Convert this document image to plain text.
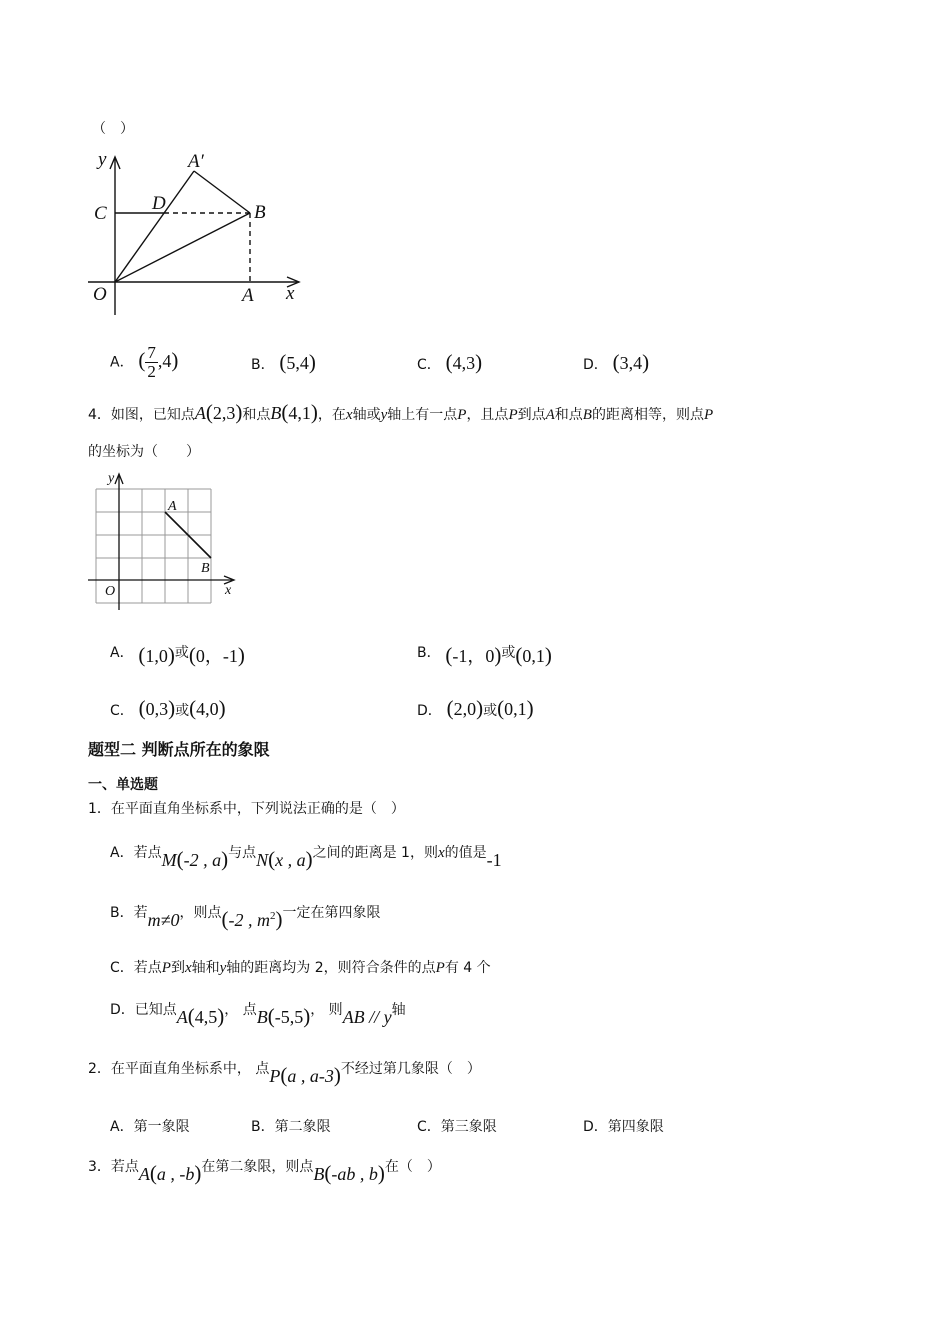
（　）
y
x
O	A
A′
B
C D
A． ( $\frac{7}{2} ,4$)	B． (5,4)	C． (4,3)	D． (3,4)
4．如图，已知点A(2,3)和点B(4,1)，在x轴或y轴上有一点P，且点P到点A和点B的距离相等，则点P
的坐标为（　　）
y
x
O
A
B
A． (1,0)或(0，-1)	B． (-1，0)或(0,1)
C． (0,3)或(4,0)	D． (2,0)或(0,1)
题型二 判断点所在的象限
一、单选题
1．在平面直角坐标系中，下列说法正确的是（　）
A．若点M(-2 , a)与点N(x , a)之间的距离是 1，则x的值是-1
B．若m≠0，则点(-2 , $m^2$)一定在第四象限
C．若点P到x轴和y轴的距离均为 2，则符合条件的点P有 4 个
D．已知点A(4,5)， 点B(-5,5)， 则AB // y轴
2．在平面直角坐标系中， 点P(a , a-3)不经过第几象限（　）
A．第一象限	B．第二象限	C．第三象限	D．第四象限
3．若点A(a , -b)在第二象限，则点B(-ab , b)在（　）
